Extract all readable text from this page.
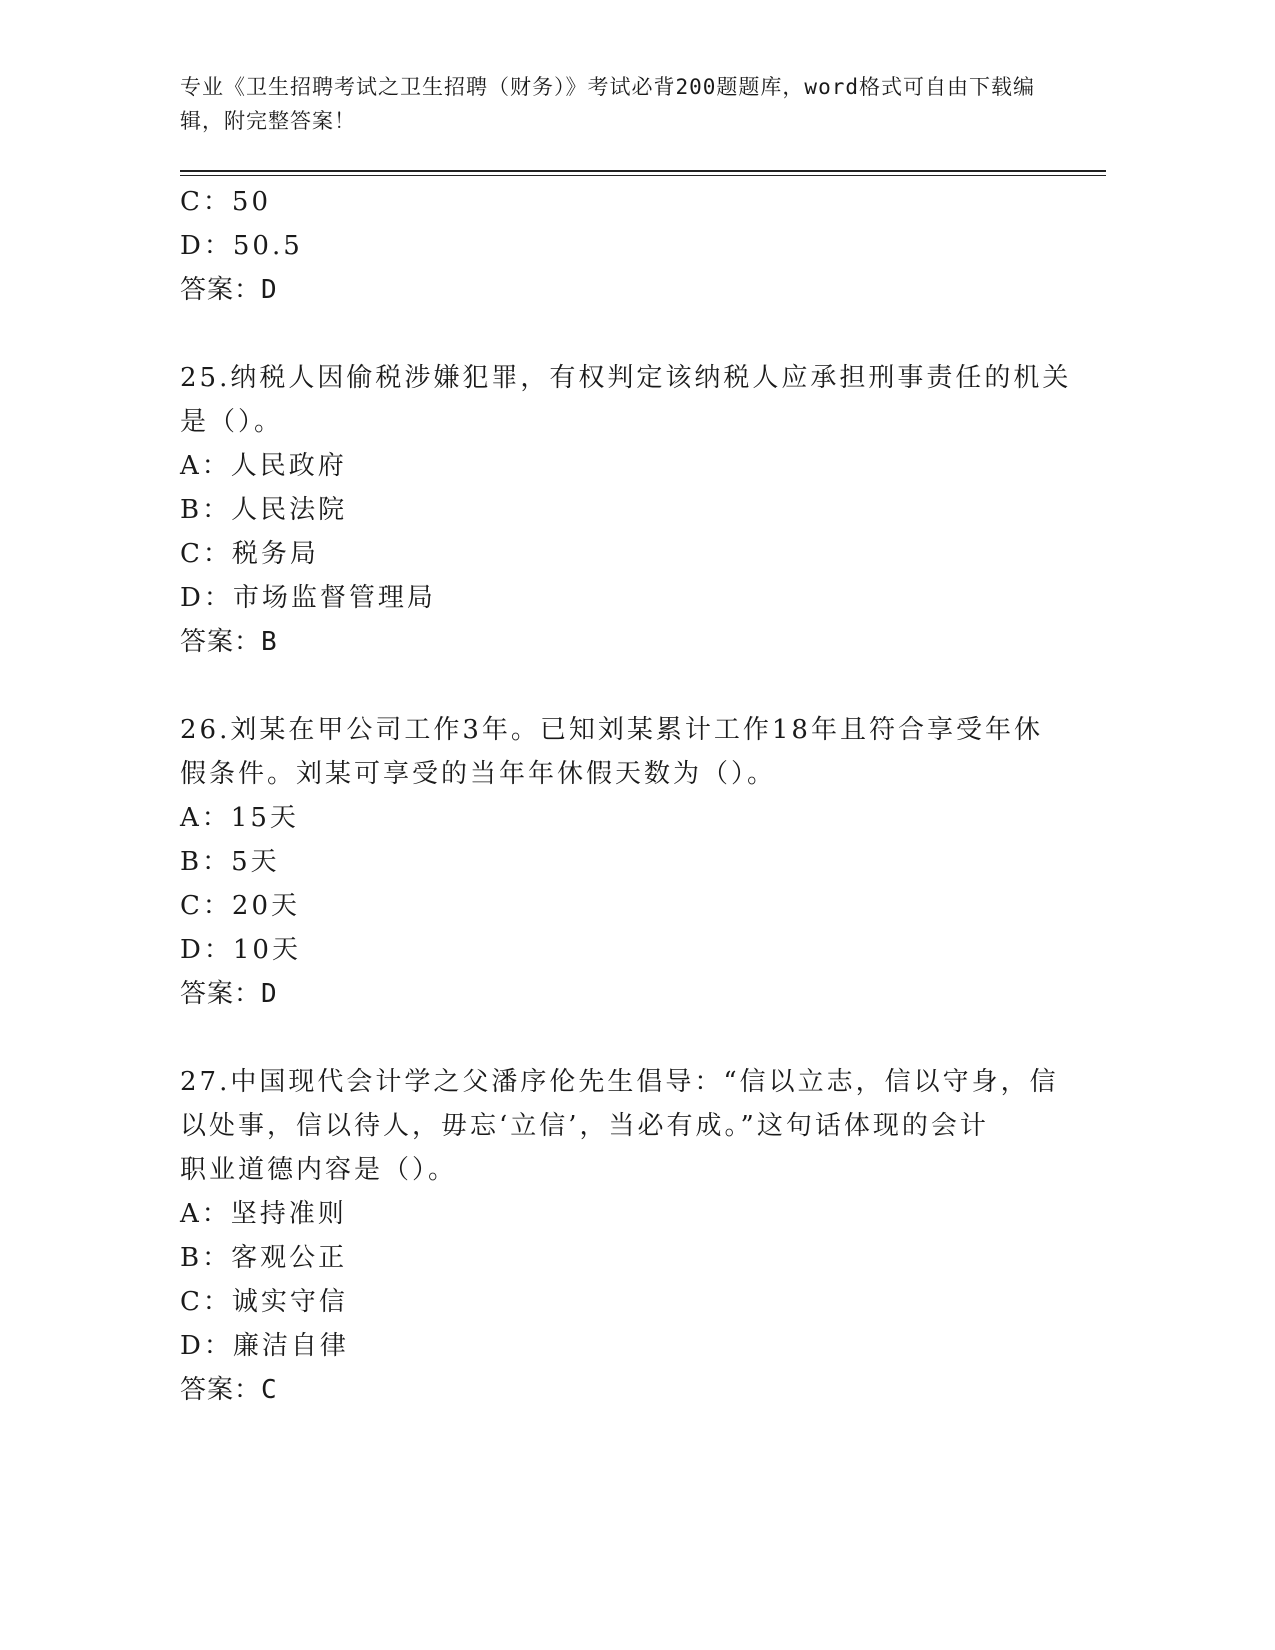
专业《卫生招聘考试之卫生招聘（财务）》考试必背200题题库，word格式可自由下载编辑，附完整答案！
C：50
D：50.5
答案：D
25.纳税人因偷税涉嫌犯罪，有权判定该纳税人应承担刑事责任的机关
是（）。
A：人民政府
B：人民法院
C：税务局
D：市场监督管理局
答案：B
26.刘某在甲公司工作3年。已知刘某累计工作18年且符合享受年休
假条件。刘某可享受的当年年休假天数为（）。
A：15天
B：5天
C：20天
D：10天
答案：D
27.中国现代会计学之父潘序伦先生倡导：“信以立志，信以守身，信
以处事，信以待人，毋忘‘立信’，当必有成。”这句话体现的会计
职业道德内容是（）。
A：坚持准则
B：客观公正
C：诚实守信
D：廉洁自律
答案：C
